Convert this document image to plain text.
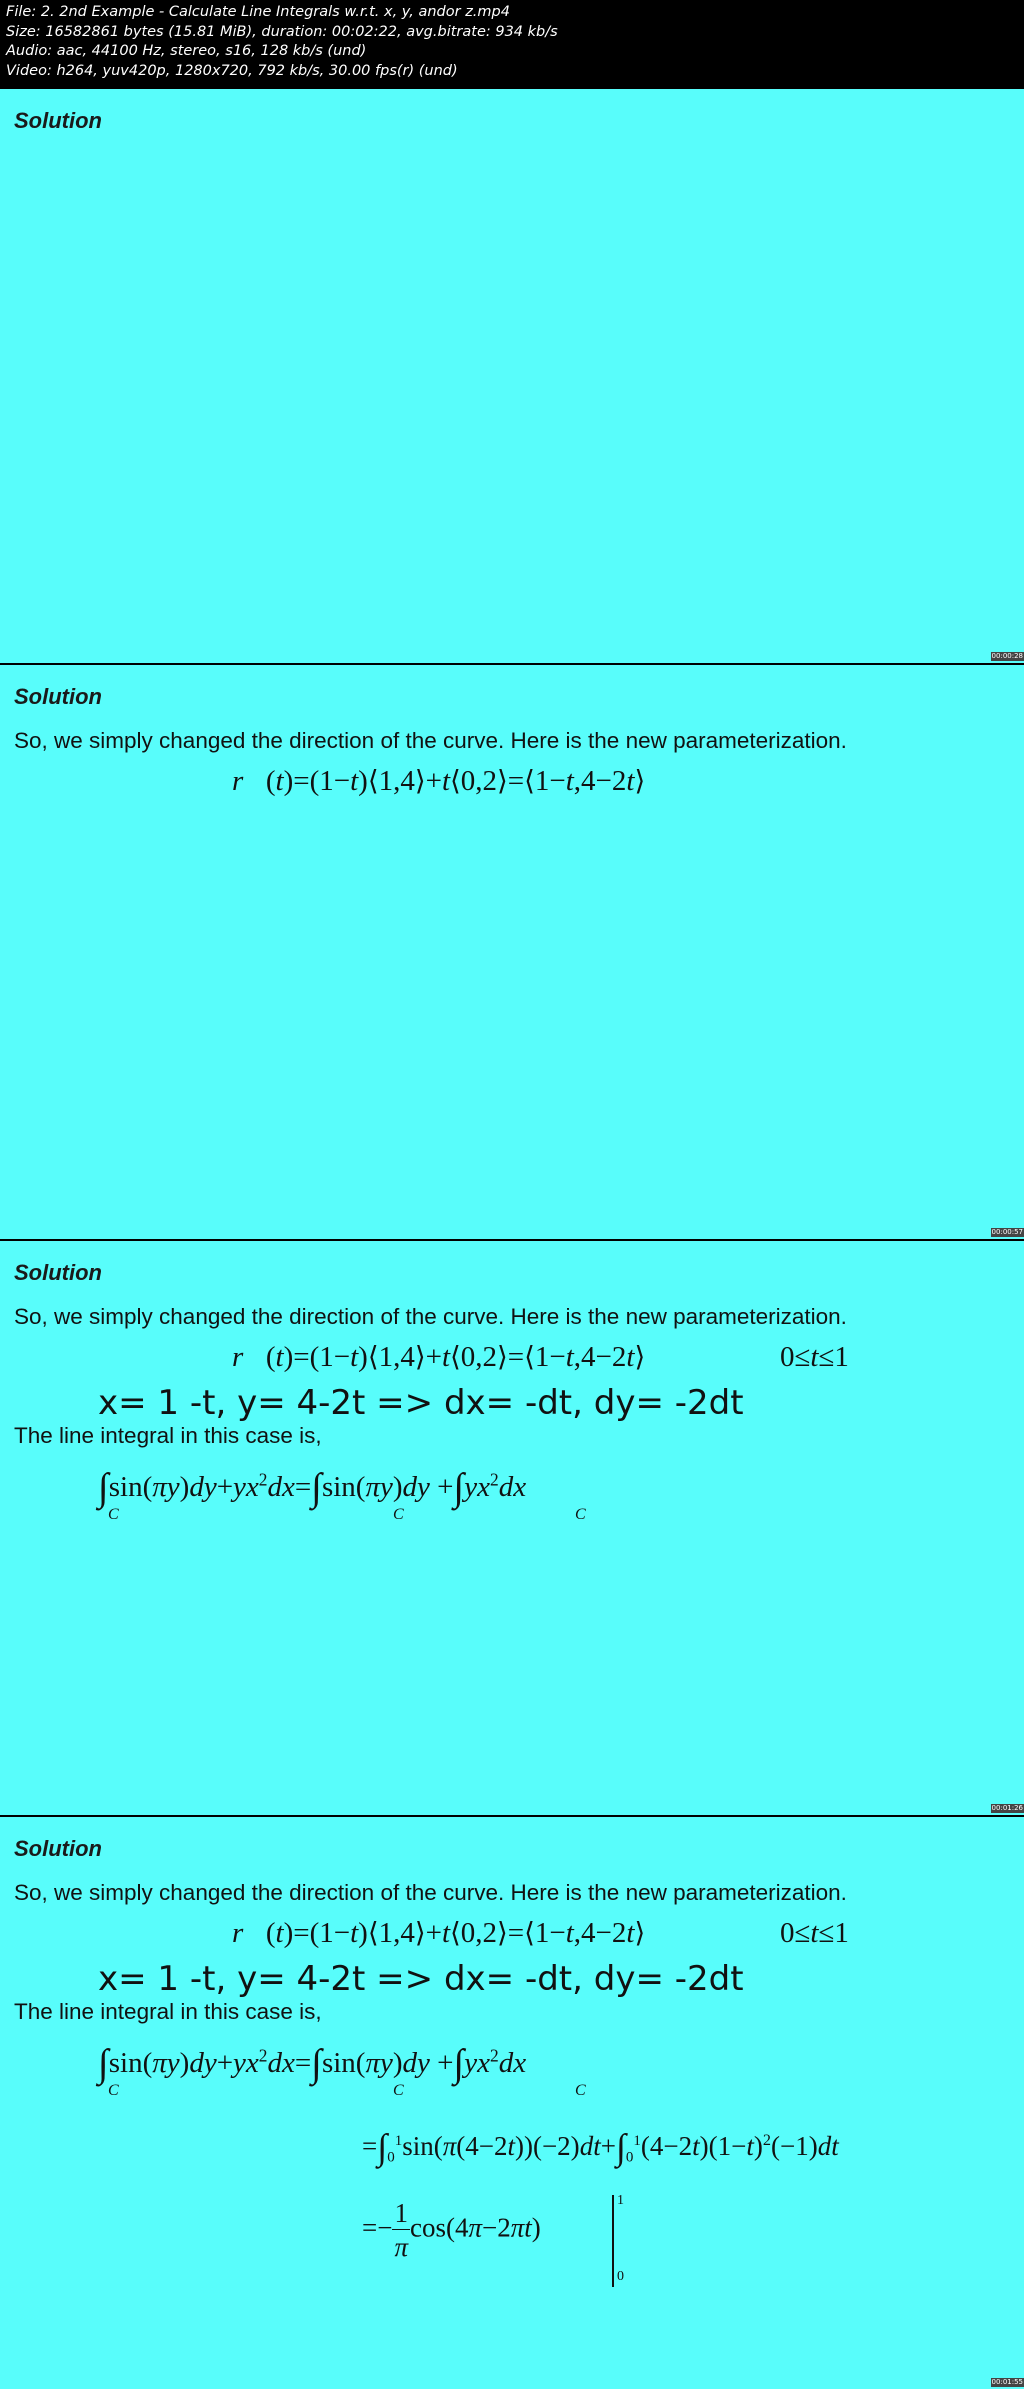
File: 2. 2nd Example - Calculate Line Integrals w.r.t. x, y, andor z.mp4
Size: 16582861 bytes (15.81 MiB), duration: 00:02:22, avg.bitrate: 934 kb/s
Audio: aac, 44100 Hz, stereo, s16, 128 kb/s (und)
Video: h264, yuv420p, 1280x720, 792 kb/s, 30.00 fps(r) (und)
Solution
00:00:28
Solution
So, we simply changed the direction of the curve. Here is the new parameterization.
r⃗(t)=(1−t)⟨1,4⟩+t⟨0,2⟩=⟨1−t,4−2t⟩
00:00:57
Solution
So, we simply changed the direction of the curve. Here is the new parameterization.
r⃗(t)=(1−t)⟨1,4⟩+t⟨0,2⟩=⟨1−t,4−2t⟩	0≤t≤1
x= 1 -t, y= 4-2t => dx= -dt, dy= -2dt
The line integral in this case is,
$\int\sin(\pi y)dy+yx^2dx=\int\sin(\pi y)dy +\int yx^2dx$
C	C	C
00:01:26
Solution
So, we simply changed the direction of the curve. Here is the new parameterization.
r⃗(t)=(1−t)⟨1,4⟩+t⟨0,2⟩=⟨1−t,4−2t⟩	0≤t≤1
x= 1 -t, y= 4-2t => dx= -dt, dy= -2dt
The line integral in this case is,
$\int\sin(\pi y)dy+yx^2dx=\int\sin(\pi y)dy +\int yx^2dx$
C	C	C
$=\int_0^1\sin(\pi(4-2t))(-2)dt+\int_0^1(4-2t)(1-t)^2(-1)dt$
=− $\frac{1}{\pi} \cos(4\pi-2\pi t)$
1
0
00:01:55
